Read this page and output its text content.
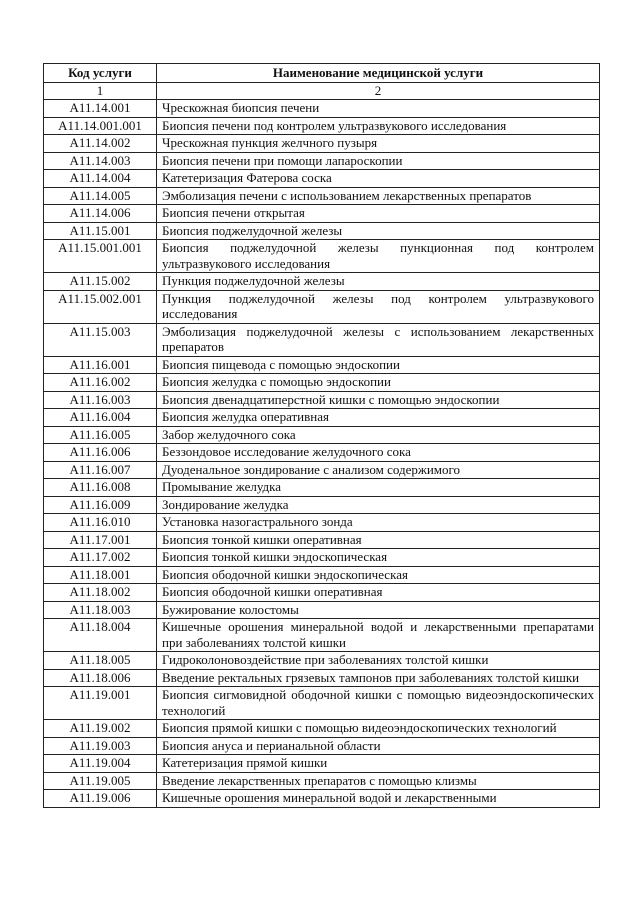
Код услуги	Наименование медицинской услуги
1	2
A11.14.001	Чрескожная биопсия печени
A11.14.001.001	Биопсия печени под контролем ультразвукового исследования
A11.14.002	Чрескожная пункция желчного пузыря
A11.14.003	Биопсия печени при помощи лапароскопии
A11.14.004	Катетеризация Фатерова соска
A11.14.005	Эмболизация печени с использованием лекарственных препаратов
A11.14.006	Биопсия печени открытая
A11.15.001	Биопсия поджелудочной железы
A11.15.001.001	Биопсия поджелудочной железы пункционная под контролем ультразвукового исследования
A11.15.002	Пункция поджелудочной железы
A11.15.002.001	Пункция поджелудочной железы под контролем ультразвукового исследования
A11.15.003	Эмболизация поджелудочной железы с использованием лекарственных препаратов
A11.16.001	Биопсия пищевода с помощью эндоскопии
A11.16.002	Биопсия желудка с помощью эндоскопии
A11.16.003	Биопсия двенадцатиперстной кишки с помощью эндоскопии
A11.16.004	Биопсия желудка оперативная
A11.16.005	Забор желудочного сока
A11.16.006	Беззондовое исследование желудочного сока
A11.16.007	Дуоденальное зондирование с анализом содержимого
A11.16.008	Промывание желудка
A11.16.009	Зондирование желудка
A11.16.010	Установка назогастрального зонда
A11.17.001	Биопсия тонкой кишки оперативная
A11.17.002	Биопсия тонкой кишки эндоскопическая
A11.18.001	Биопсия ободочной кишки эндоскопическая
A11.18.002	Биопсия ободочной кишки оперативная
A11.18.003	Бужирование колостомы
A11.18.004	Кишечные орошения минеральной водой и лекарственными препаратами при заболеваниях толстой кишки
A11.18.005	Гидроколоновоздействие при заболеваниях толстой кишки
A11.18.006	Введение ректальных грязевых тампонов при заболеваниях толстой кишки
A11.19.001	Биопсия сигмовидной ободочной кишки с помощью видеоэндоскопических технологий
A11.19.002	Биопсия прямой кишки с помощью видеоэндоскопических технологий
A11.19.003	Биопсия ануса и перианальной области
A11.19.004	Катетеризация прямой кишки
A11.19.005	Введение лекарственных препаратов с помощью клизмы
A11.19.006	Кишечные орошения минеральной водой и лекарственными
